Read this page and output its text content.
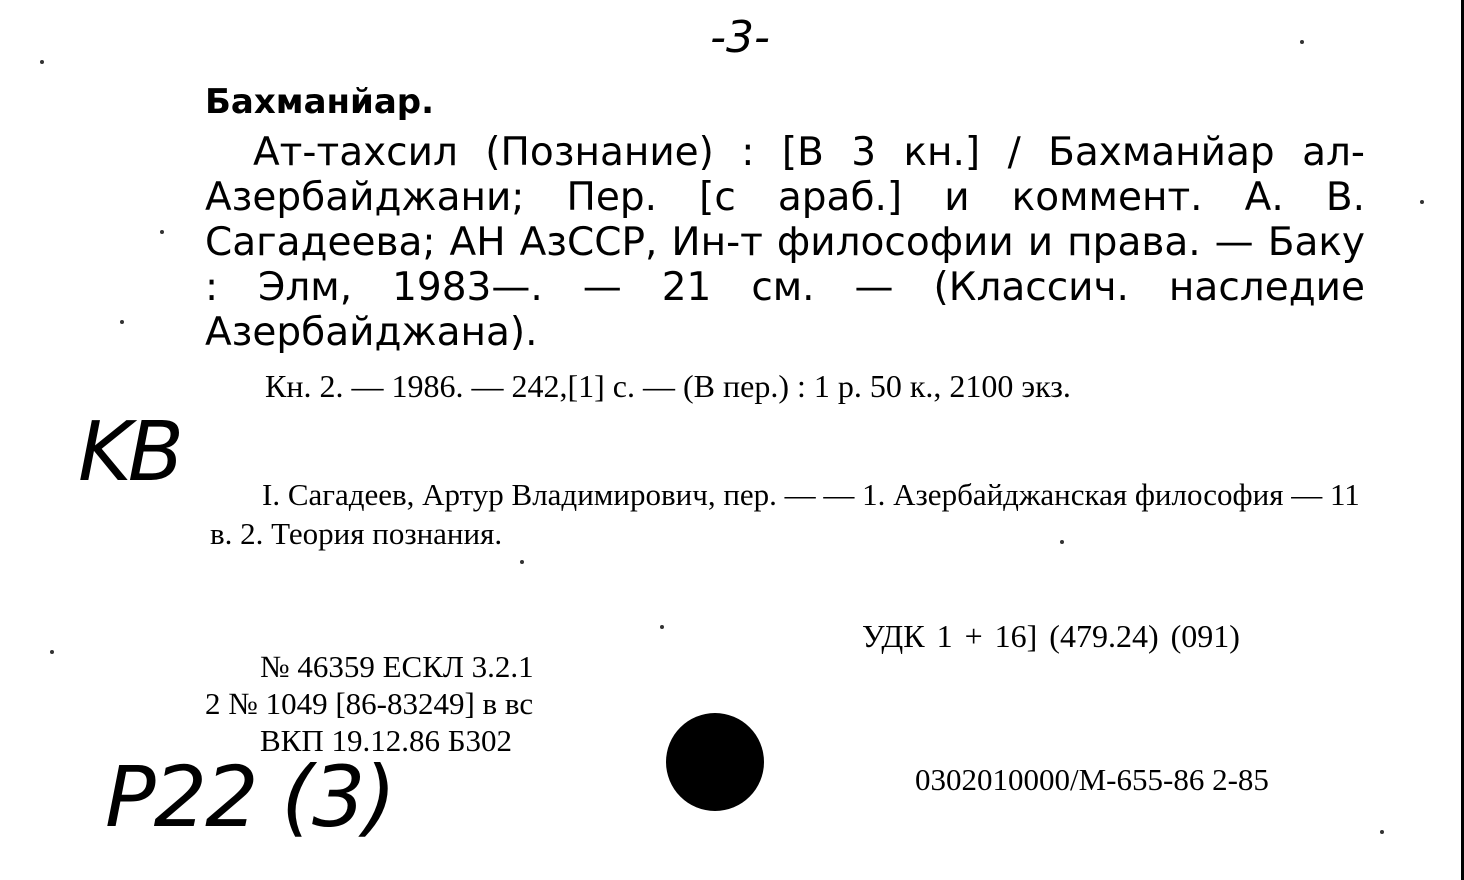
-3-
Бахманйар.
Ат-тахсил (Познание) : [В 3 кн.] / Бахманйар ал-Азербайджани; Пер. [с араб.] и коммент. А. В. Сагадеева; АН АзССР, Ин-т философии и права. — Баку : Элм, 1983—. — 21 см. — (Классич. наследие Азербайджана).
Кн. 2. — 1986. — 242,[1] с. — (В пер.) : 1 р. 50 к., 2100 экз.
I. Сагадеев, Артур Владимирович, пер. — — 1. Азербайджанская философия — 11 в. 2. Теория познания.
УДК 1 + 16] (479.24) (091)
№ 46359 ЕСКЛ 3.2.1
2 № 1049 [86-83249] в вс
ВКП 19.12.86 Б302
0302010000/М-655-86 2-85
KB
P22 (3)
